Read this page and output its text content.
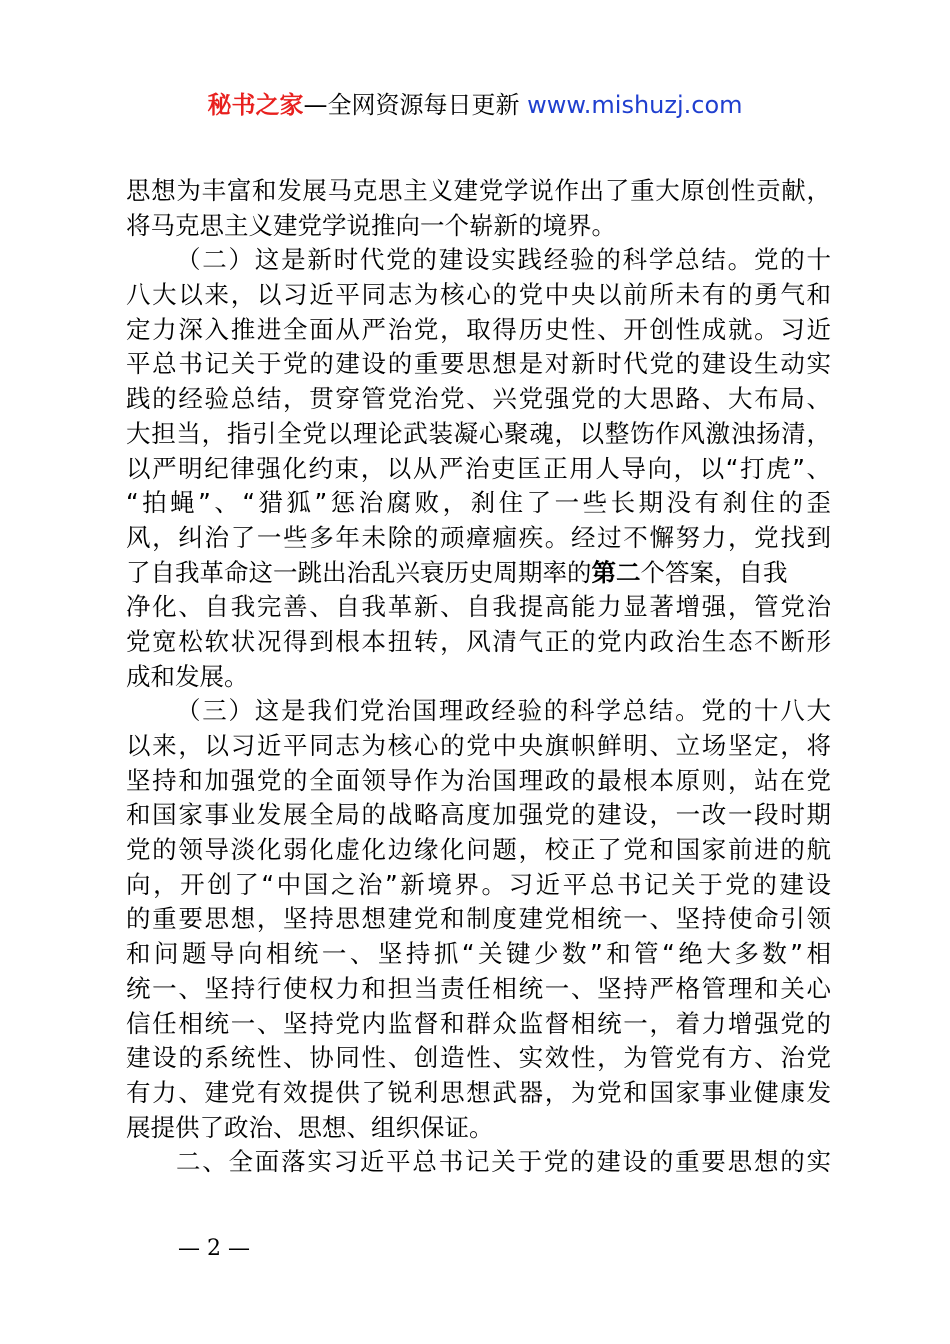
秘书之家—全网资源每日更新 www.mishuzj.com
思想为丰富和发展马克思主义建党学说作出了重大原创性贡献，
将马克思主义建党学说推向一个崭新的境界。
（二）这是新时代党的建设实践经验的科学总结。党的十
八大以来，以习近平同志为核心的党中央以前所未有的勇气和
定力深入推进全面从严治党，取得历史性、开创性成就。习近
平总书记关于党的建设的重要思想是对新时代党的建设生动实
践的经验总结，贯穿管党治党、兴党强党的大思路、大布局、
大担当，指引全党以理论武装凝心聚魂，以整饬作风激浊扬清，
以严明纪律强化约束，以从严治吏匡正用人导向，以“打虎”、
“拍蝇”、“猎狐”惩治腐败，刹住了一些长期没有刹住的歪
风，纠治了一些多年未除的顽瘴痼疾。经过不懈努力，党找到
了自我革命这一跳出治乱兴衰历史周期率的第二个答案，自我
净化、自我完善、自我革新、自我提高能力显著增强，管党治
党宽松软状况得到根本扭转，风清气正的党内政治生态不断形
成和发展。
（三）这是我们党治国理政经验的科学总结。党的十八大
以来，以习近平同志为核心的党中央旗帜鲜明、立场坚定，将
坚持和加强党的全面领导作为治国理政的最根本原则，站在党
和国家事业发展全局的战略高度加强党的建设，一改一段时期
党的领导淡化弱化虚化边缘化问题，校正了党和国家前进的航
向，开创了“中国之治”新境界。习近平总书记关于党的建设
的重要思想，坚持思想建党和制度建党相统一、坚持使命引领
和问题导向相统一、坚持抓“关键少数”和管“绝大多数”相
统一、坚持行使权力和担当责任相统一、坚持严格管理和关心
信任相统一、坚持党内监督和群众监督相统一，着力增强党的
建设的系统性、协同性、创造性、实效性，为管党有方、治党
有力、建党有效提供了锐利思想武器，为党和国家事业健康发
展提供了政治、思想、组织保证。
二、全面落实习近平总书记关于党的建设的重要思想的实
— 2 —
